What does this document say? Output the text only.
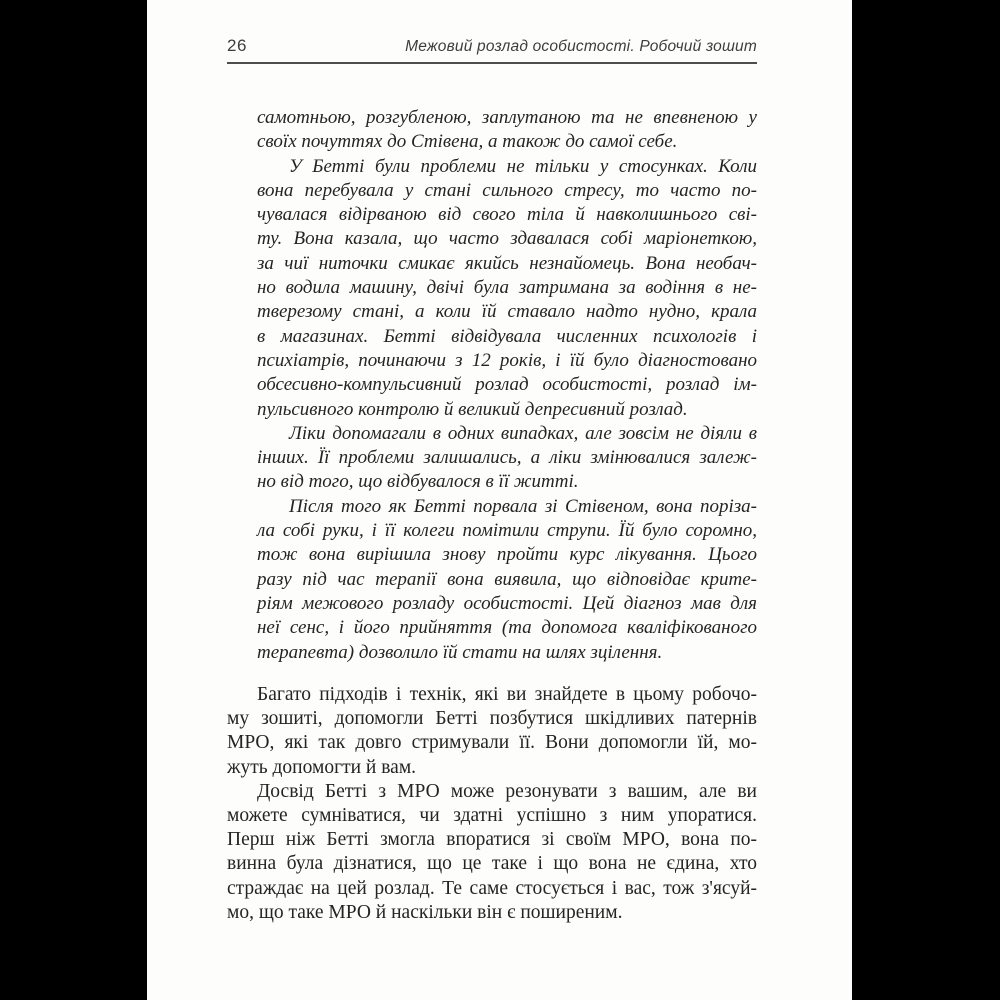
26	Межовий розлад особистості. Робочий зошит
самотньою, розгубленою, заплутаною та не впевненою у
своїх почуттях до Стівена, а також до самої себе.
У Бетті були проблеми не тільки у стосунках. Коли
вона перебувала у стані сильного стресу, то часто по-
чувалася відірваною від свого тіла й навколишнього сві-
ту. Вона казала, що часто здавалася собі маріонеткою,
за чиї ниточки смикає якийсь незнайомець. Вона необач-
но водила машину, двічі була затримана за водіння в не-
тверезому стані, а коли їй ставало надто нудно, крала
в магазинах. Бетті відвідувала численних психологів і
психіатрів, починаючи з 12 років, і їй було діагностовано
обсесивно-компульсивний розлад особистості, розлад ім-
пульсивного контролю й великий депресивний розлад.
Ліки допомагали в одних випадках, але зовсім не діяли в
інших. Її проблеми залишались, а ліки змінювалися залеж-
но від того, що відбувалося в її житті.
Після того як Бетті порвала зі Стівеном, вона поріза-
ла собі руки, і її колеги помітили струпи. Їй було соромно,
тож вона вирішила знову пройти курс лікування. Цього
разу під час терапії вона виявила, що відповідає крите-
ріям межового розладу особистості. Цей діагноз мав для
неї сенс, і його прийняття (та допомога кваліфікованого
терапевта) дозволило їй стати на шлях зцілення.
Багато підходів і технік, які ви знайдете в цьому робочо-
му зошиті, допомогли Бетті позбутися шкідливих патернів
МРО, які так довго стримували її. Вони допомогли їй, мо-
жуть допомогти й вам.
Досвід Бетті з МРО може резонувати з вашим, але ви
можете сумніватися, чи здатні успішно з ним упоратися.
Перш ніж Бетті змогла впоратися зі своїм МРО, вона по-
винна була дізнатися, що це таке і що вона не єдина, хто
страждає на цей розлад. Те саме стосується і вас, тож з'ясуй-
мо, що таке МРО й наскільки він є поширеним.
